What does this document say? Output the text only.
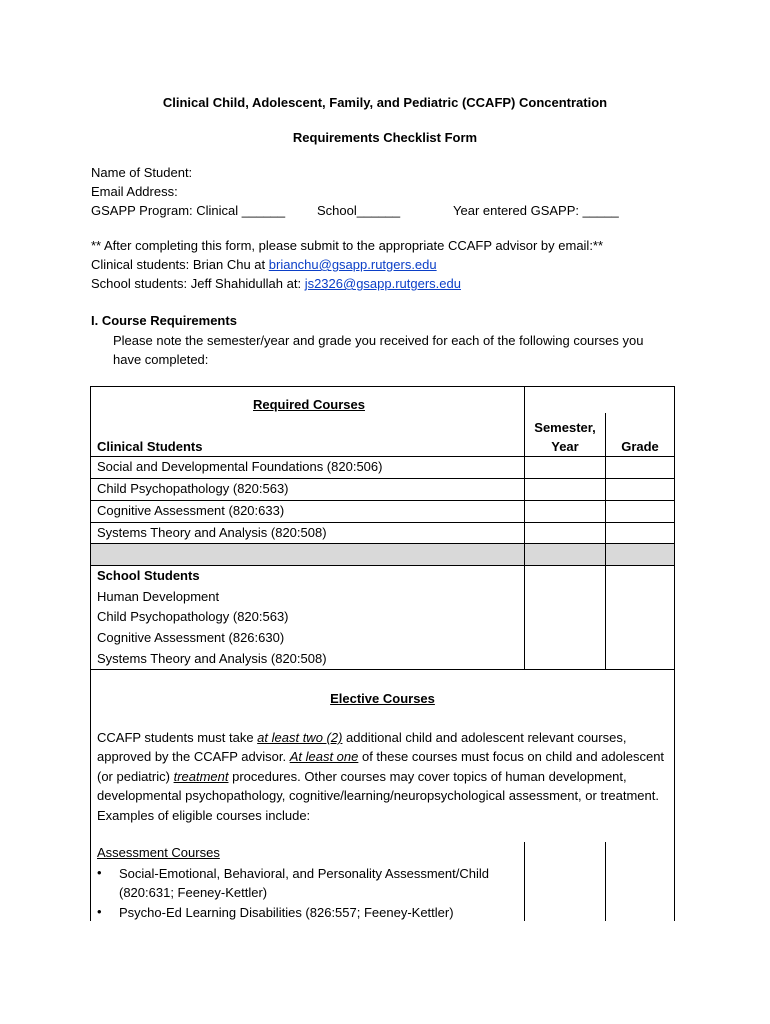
Clinical Child, Adolescent, Family, and Pediatric (CCAFP) Concentration
Requirements Checklist Form
Name of Student:
Email Address:
GSAPP Program: Clinical ______ School______	Year entered GSAPP: _____
** After completing this form, please submit to the appropriate CCAFP advisor by email:**
Clinical students: Brian Chu at brianchu@gsapp.rutgers.edu
School students: Jeff Shahidullah at: js2326@gsapp.rutgers.edu
I. Course Requirements
Please note the semester/year and grade you received for each of the following courses you
have completed:
Required Courses
Semester,
Year	Grade
Clinical Students
Social and Developmental Foundations (820:506)
Child Psychopathology (820:563)
Cognitive Assessment (820:633)
Systems Theory and Analysis (820:508)
School Students
Human Development
Child Psychopathology (820:563)
Cognitive Assessment (826:630)
Systems Theory and Analysis (820:508)
Elective Courses
CCAFP students must take at least two (2) additional child and adolescent relevant courses, approved by the CCAFP advisor. At least one of these courses must focus on child and adolescent (or pediatric) treatment procedures. Other courses may cover topics of human development, developmental psychopathology, cognitive/learning/neuropsychological assessment, or treatment. Examples of eligible courses include:
Assessment Courses
• Social-Emotional, Behavioral, and Personality Assessment/Child (820:631; Feeney-Kettler)
• Psycho-Ed Learning Disabilities (826:557; Feeney-Kettler)
